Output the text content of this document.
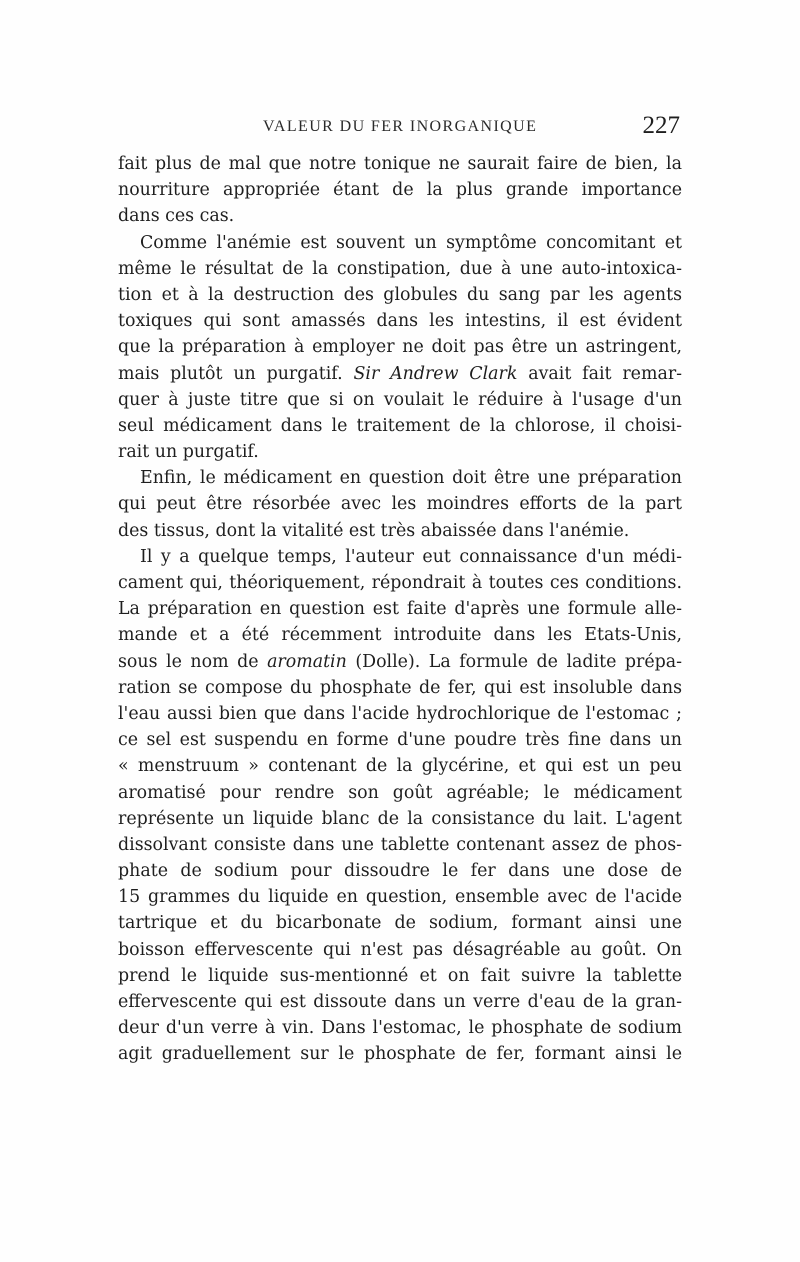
VALEUR DU FER INORGANIQUE	227
fait plus de mal que notre tonique ne saurait faire de bien, la
nourriture appropriée étant de la plus grande importance
dans ces cas.
Comme l'anémie est souvent un symptôme concomitant et
même le résultat de la constipation, due à une auto-intoxica-
tion et à la destruction des globules du sang par les agents
toxiques qui sont amassés dans les intestins, il est évident
que la préparation à employer ne doit pas être un astringent,
mais plutôt un purgatif. Sir Andrew Clark avait fait remar-
quer à juste titre que si on voulait le réduire à l'usage d'un
seul médicament dans le traitement de la chlorose, il choisi-
rait un purgatif.
Enfin, le médicament en question doit être une préparation
qui peut être résorbée avec les moindres efforts de la part
des tissus, dont la vitalité est très abaissée dans l'anémie.
Il y a quelque temps, l'auteur eut connaissance d'un médi-
cament qui, théoriquement, répondrait à toutes ces conditions.
La préparation en question est faite d'après une formule alle-
mande et a été récemment introduite dans les Etats-Unis,
sous le nom de aromatin (Dolle). La formule de ladite prépa-
ration se compose du phosphate de fer, qui est insoluble dans
l'eau aussi bien que dans l'acide hydrochlorique de l'estomac ;
ce sel est suspendu en forme d'une poudre très fine dans un
« menstruum » contenant de la glycérine, et qui est un peu
aromatisé pour rendre son goût agréable; le médicament
représente un liquide blanc de la consistance du lait. L'agent
dissolvant consiste dans une tablette contenant assez de phos-
phate de sodium pour dissoudre le fer dans une dose de
15 grammes du liquide en question, ensemble avec de l'acide
tartrique et du bicarbonate de sodium, formant ainsi une
boisson effervescente qui n'est pas désagréable au goût. On
prend le liquide sus-mentionné et on fait suivre la tablette
effervescente qui est dissoute dans un verre d'eau de la gran-
deur d'un verre à vin. Dans l'estomac, le phosphate de sodium
agit graduellement sur le phosphate de fer, formant ainsi le
